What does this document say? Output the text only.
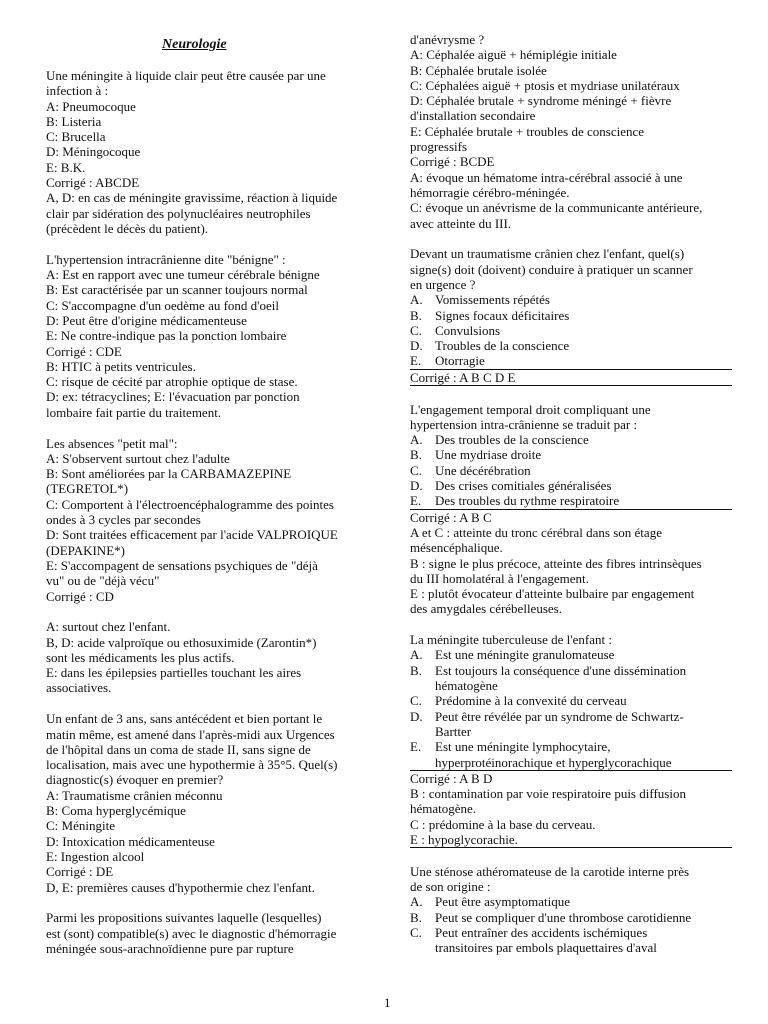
Neurologie
Une méningite à liquide clair peut être causée par une
infection à :
A: Pneumocoque
B: Listeria
C: Brucella
D: Méningocoque
E: B.K.
Corrigé : ABCDE
A, D: en cas de méningite gravissime, réaction à liquide
clair par sidération des polynucléaires neutrophiles
(précèdent le décès du patient).
L'hypertension intracrânienne dite "bénigne" :
A: Est en rapport avec une tumeur cérébrale bénigne
B: Est caractérisée par un scanner toujours normal
C: S'accompagne d'un oedème au fond d'oeil
D: Peut être d'origine médicamenteuse
E: Ne contre-indique pas la ponction lombaire
Corrigé : CDE
B: HTIC à petits ventricules.
C: risque de cécité par atrophie optique de stase.
D: ex: tétracyclines; E: l'évacuation par ponction
lombaire fait partie du traitement.
Les absences "petit mal":
A: S'observent surtout chez l'adulte
B: Sont améliorées par la CARBAMAZEPINE
(TEGRETOL*)
C: Comportent à l'électroencéphalogramme des pointes
ondes à 3 cycles par secondes
D: Sont traitées efficacement par l'acide VALPROIQUE
(DEPAKINE*)
E: S'accompagent de sensations psychiques de "déjà
vu" ou de "déjà vécu"
Corrigé : CD
A: surtout chez l'enfant.
B, D: acide valproïque ou ethosuximide (Zarontin*)
sont les médicaments les plus actifs.
E: dans les épilepsies partielles touchant les aires
associatives.
Un enfant de 3 ans, sans antécédent et bien portant le
matin même, est amené dans l'après-midi aux Urgences
de l'hôpital dans un coma de stade II, sans signe de
localisation, mais avec une hypothermie à 35°5. Quel(s)
diagnostic(s) évoquer en premier?
A: Traumatisme crânien méconnu
B: Coma hyperglycémique
C: Méningite
D: Intoxication médicamenteuse
E: Ingestion alcool
Corrigé : DE
D, E: premières causes d'hypothermie chez l'enfant.
Parmi les propositions suivantes laquelle (lesquelles)
est (sont) compatible(s) avec le diagnostic d'hémorragie
méningée sous-arachnoïdienne pure par rupture
d'anévrysme ?
A: Céphalée aiguë + hémiplégie initiale
B: Céphalée brutale isolée
C: Céphalées aiguë + ptosis et mydriase unilatéraux
D: Céphalée brutale + syndrome méningé + fièvre
d'installation secondaire
E: Céphalée brutale + troubles de conscience
progressifs
Corrigé : BCDE
A: évoque un hématome intra-cérébral associé à une
hémorragie cérébro-méningée.
C: évoque un anévrisme de la communicante antérieure,
avec atteinte du III.
Devant un traumatisme crânien chez l'enfant, quel(s)
signe(s) doit (doivent) conduire à pratiquer un scanner
en urgence ?
A. Vomissements répétés
B.	Signes focaux déficitaires
C.	Convulsions
D. Troubles de la conscience
E.	Otorragie
Corrigé : A B C D E
L'engagement temporal droit compliquant une
hypertension intra-crânienne se traduit par :
A. Des troubles de la conscience
B.	Une mydriase droite
C.	Une décérébration
D. Des crises comitiales généralisées
E.	Des troubles du rythme respiratoire
Corrigé : A B C
A et C : atteinte du tronc cérébral dans son étage
mésencéphalique.
B : signe le plus précoce, atteinte des fibres intrinsèques
du III homolatéral à l'engagement.
E : plutôt évocateur d'atteinte bulbaire par engagement
des amygdales cérébelleuses.
La méningite tuberculeuse de l'enfant :
A. Est une méningite granulomateuse
B.	Est toujours la conséquence d'une dissémination
hématogène
C.	Prédomine à la convexité du cerveau
D. Peut être révélée par un syndrome de Schwartz-
Bartter
E.	Est une méningite lymphocytaire,
hyperprotéinorachique et hyperglycorachique
Corrigé : A B D
B : contamination par voie respiratoire puis diffusion
hématogène.
C : prédomine à la base du cerveau.
E : hypoglycorachie.
Une sténose athéromateuse de la carotide interne près
de son origine :
A. Peut être asymptomatique
B.	Peut se compliquer d'une thrombose carotidienne
C.	Peut entraîner des accidents ischémiques
transitoires par embols plaquettaires d'aval
1
